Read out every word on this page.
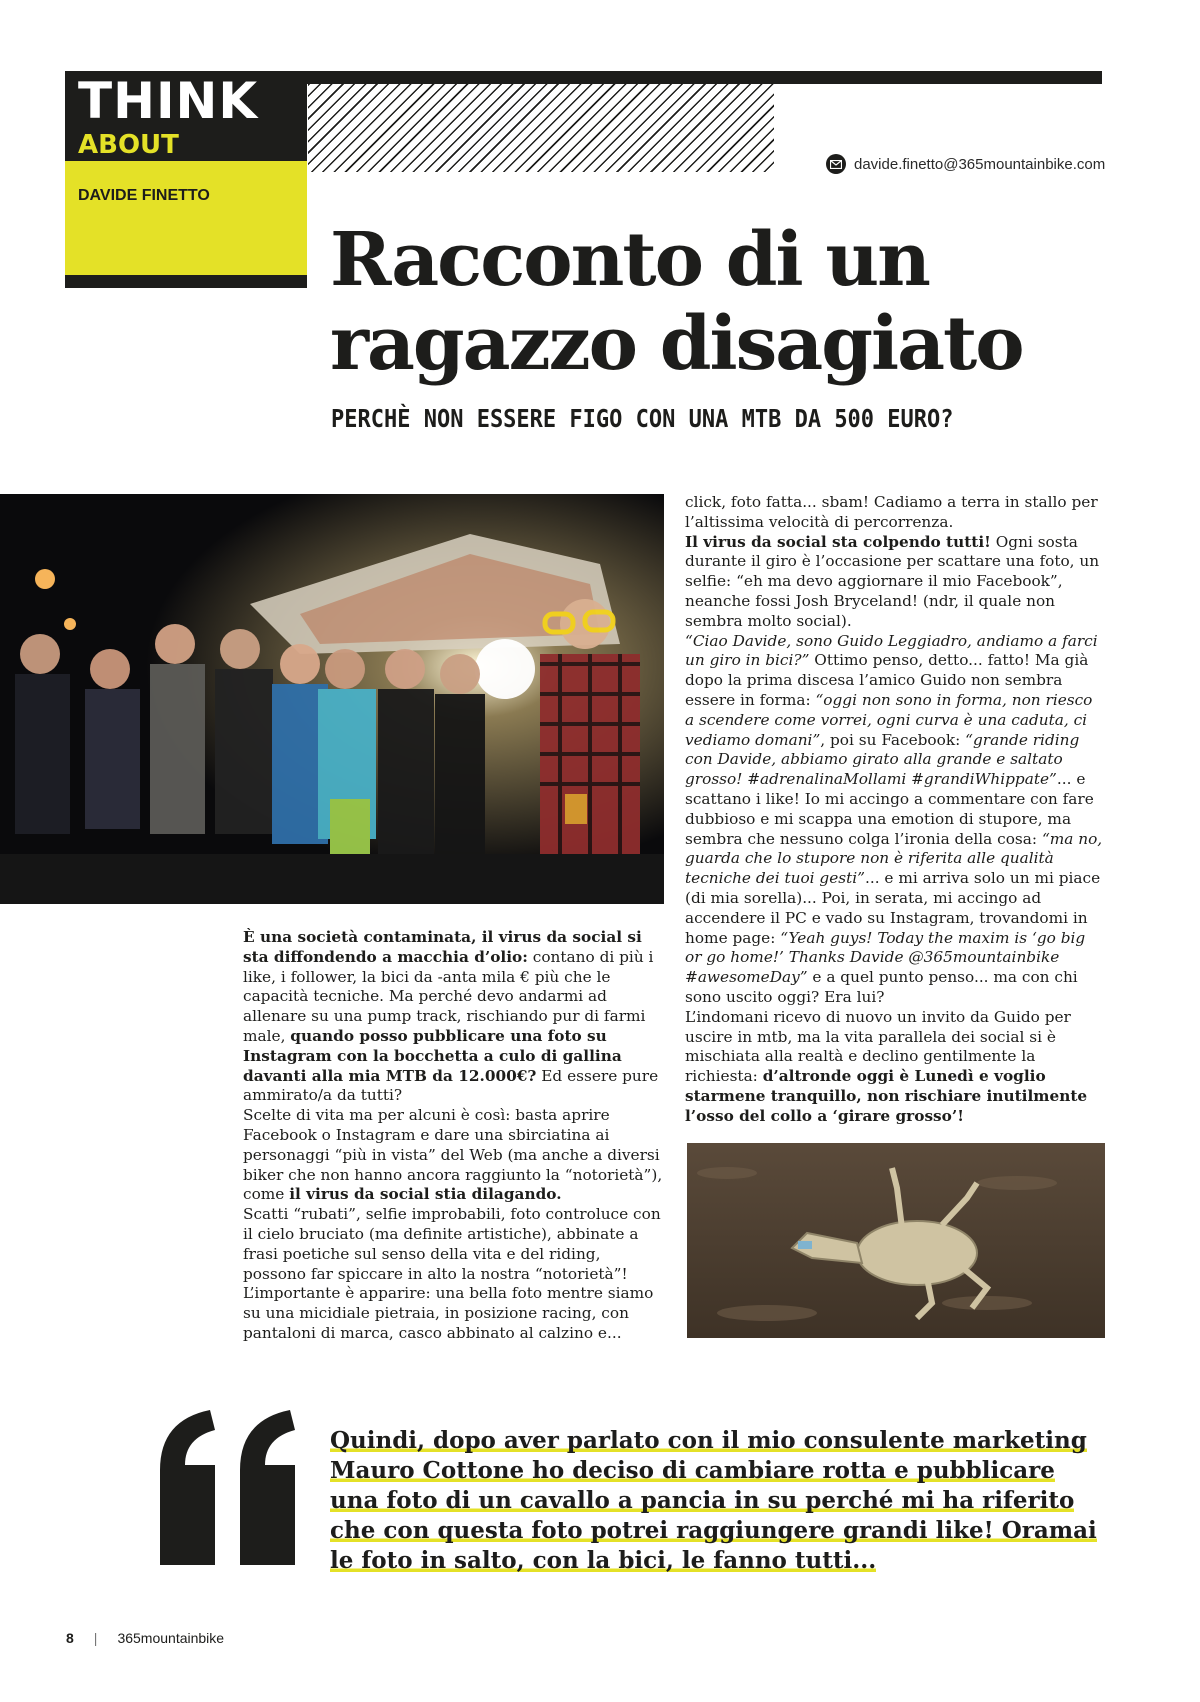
THINK
ABOUT
DAVIDE FINETTO
davide.finetto@365mountainbike.com
Racconto di un ragazzo disagiato
PERCHÈ NON ESSERE FIGO CON UNA MTB DA 500 EURO?

È una società contaminata, il virus da social si sta diffondendo a macchia d’olio: contano di più i like, i follower, la bici da -anta mila € più che le capacità tecniche. Ma perché devo andarmi ad allenare su una pump track, rischiando pur di farmi male, quando posso pubblicare una foto su Instagram con la bocchetta a culo di gallina davanti alla mia MTB da 12.000€? Ed essere pure ammirato/a da tutti?
Scelte di vita ma per alcuni è così: basta aprire Facebook o Instagram e dare una sbirciatina ai personaggi “più in vista” del Web (ma anche a diversi biker che non hanno ancora raggiunto la “notorietà”), come il virus da social stia dilagando.
Scatti “rubati”, selfie improbabili, foto controluce con il cielo bruciato (ma definite artistiche), abbinate a frasi poetiche sul senso della vita e del riding, possono far spiccare in alto la nostra “notorietà”! L’importante è apparire: una bella foto mentre siamo su una micidiale pietraia, in posizione racing, con pantaloni di marca, casco abbinato al calzino e...

click, foto fatta... sbam! Cadiamo a terra in stallo per l’altissima velocità di percorrenza.
Il virus da social sta colpendo tutti! Ogni sosta durante il giro è l’occasione per scattare una foto, un selfie: “eh ma devo aggiornare il mio Facebook”, neanche fossi Josh Bryceland! (ndr, il quale non sembra molto social).
“Ciao Davide, sono Guido Leggiadro, andiamo a farci un giro in bici?” Ottimo penso, detto... fatto! Ma già dopo la prima discesa l’amico Guido non sembra essere in forma: “oggi non sono in forma, non riesco a scendere come vorrei, ogni curva è una caduta, ci vediamo domani”, poi su Facebook: “grande riding con Davide, abbiamo girato alla grande e saltato grosso! #adrenalinaMollami #grandiWhippate”... e scattano i like! Io mi accingo a commentare con fare dubbioso e mi scappa una emotion di stupore, ma sembra che nessuno colga l’ironia della cosa: “ma no, guarda che lo stupore non è riferita alle qualità tecniche dei tuoi gesti”... e mi arriva solo un mi piace (di mia sorella)... Poi, in serata, mi accingo ad accendere il PC e vado su Instagram, trovandomi in home page: “Yeah guys! Today the maxim is ‘go big or go home!’ Thanks Davide @365mountainbike #awesomeDay” e a quel punto penso... ma con chi sono uscito oggi? Era lui?
L’indomani ricevo di nuovo un invito da Guido per uscire in mtb, ma la vita parallela dei social si è mischiata alla realtà e declino gentilmente la richiesta: d’altronde oggi è Lunedì e voglio starmene tranquillo, non rischiare inutilmente l’osso del collo a ‘girare grosso’!

Quindi, dopo aver parlato con il mio consulente marketing Mauro Cottone ho deciso di cambiare rotta e pubblicare una foto di un cavallo a pancia in su perché mi ha riferito che con questa foto potrei raggiungere grandi like! Oramai le foto in salto, con la bici, le fanno tutti...

8 | 365mountainbike
